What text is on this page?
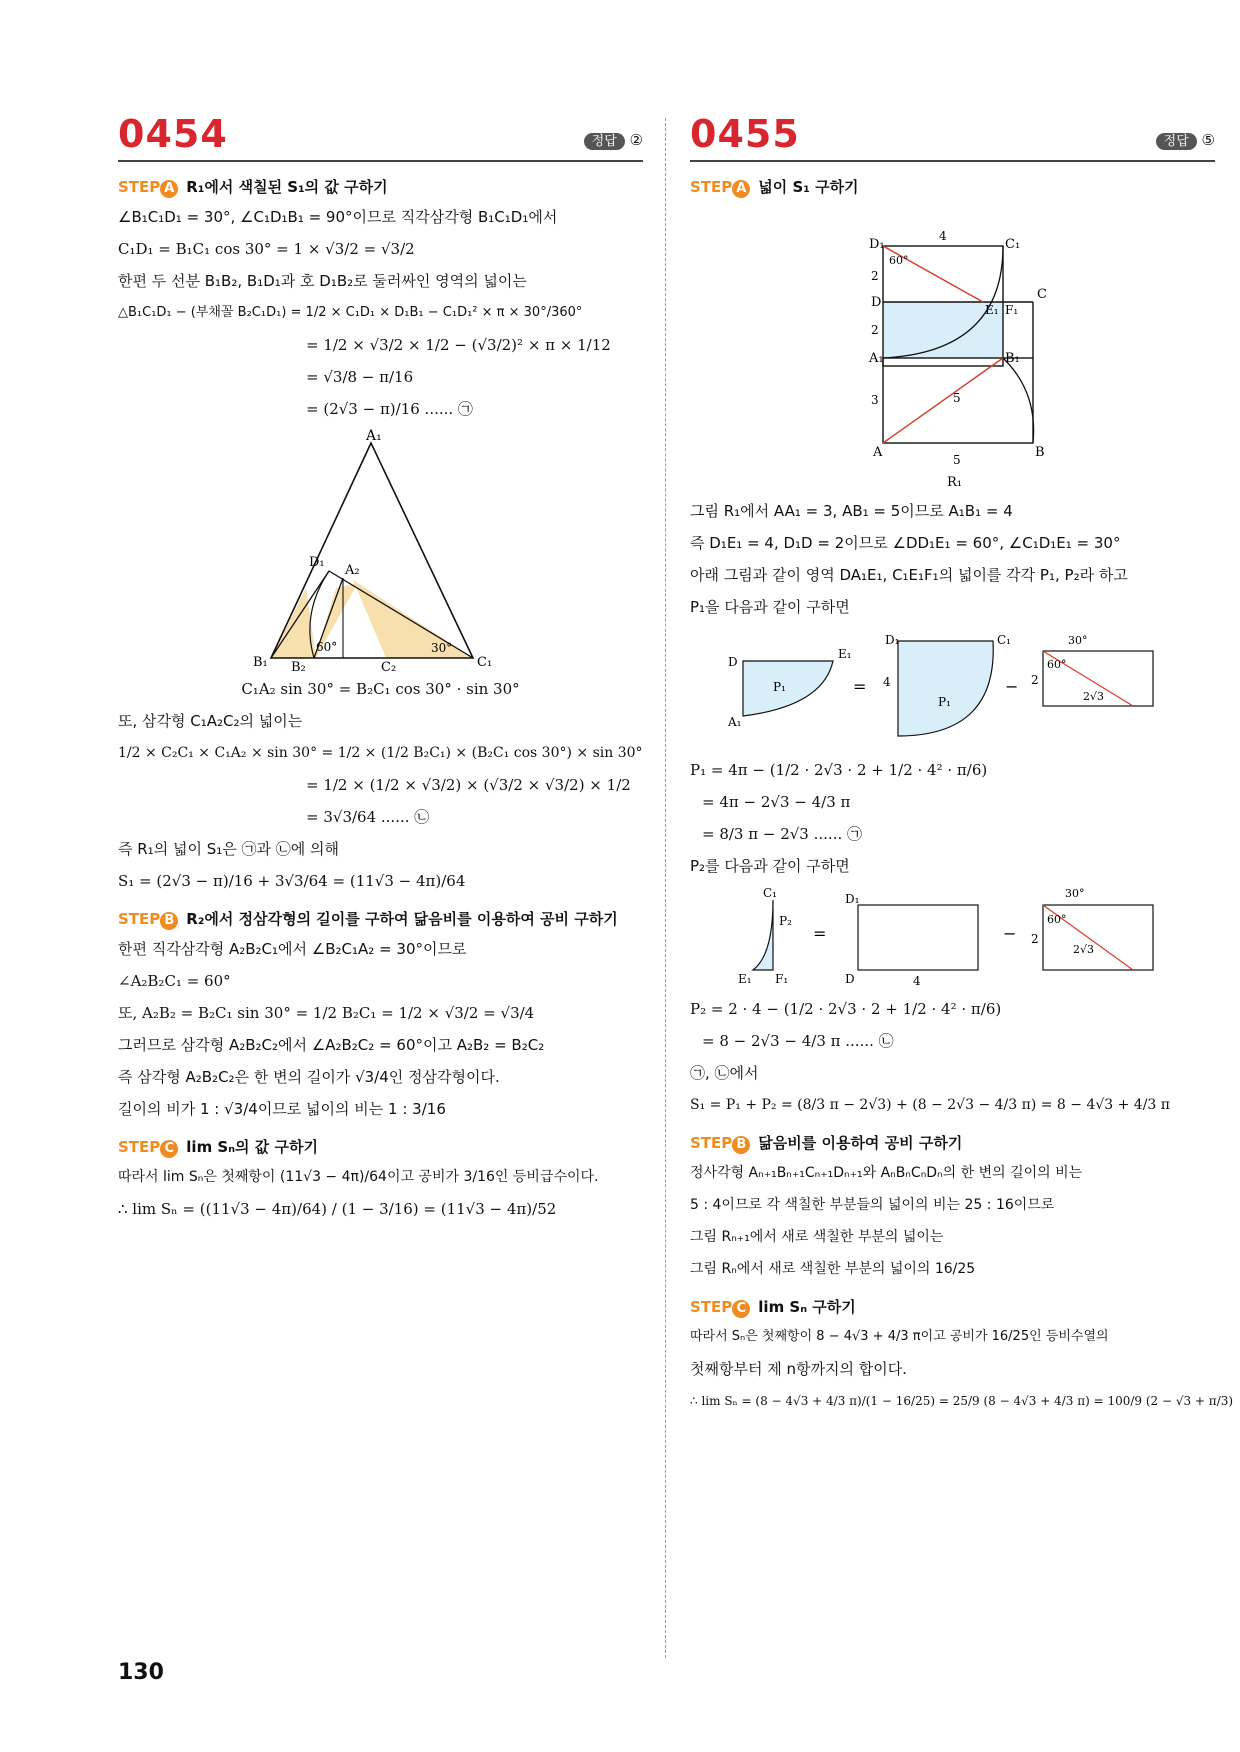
0454	정답 ②
STEP A R₁에서 색칠된 S₁의 값 구하기
∠B₁C₁D₁ = 30°, ∠C₁D₁B₁ = 90°이므로 직각삼각형 B₁C₁D₁에서
C₁D₁ = B₁C₁ cos 30° = 1 × √3/2 = √3/2
한편 두 선분 B₁B₂, B₁D₁과 호 D₁B₂로 둘러싸인 영역의 넓이는
△B₁C₁D₁ − (부채꼴 B₂C₁D₁) = 1/2 × C₁D₁ × D₁B₁ − C₁D₁² × π × 30°/360°
= 1/2 × √3/2 × 1/2 − (√3/2)² × π × 1/12
= √3/8 − π/16
= (2√3 − π)/16 ...... ㉠
A₁
D₁
A₂
B₁ B₂	C₂	C₁
60°	30°
C₁A₂ sin 30° = B₂C₁ cos 30° · sin 30°
또, 삼각형 C₁A₂C₂의 넓이는
1/2 × C₂C₁ × C₁A₂ × sin 30° = 1/2 × (1/2 B₂C₁) × (B₂C₁ cos 30°) × sin 30°
= 1/2 × (1/2 × √3/2) × (√3/2 × √3/2) × 1/2
= 3√3/64 ...... ㉡
즉 R₁의 넓이 S₁은 ㉠과 ㉡에 의해
S₁ = (2√3 − π)/16 + 3√3/64 = (11√3 − 4π)/64
STEP B R₂에서 정삼각형의 길이를 구하여 닮음비를 이용하여 공비 구하기
한편 직각삼각형 A₂B₂C₁에서 ∠B₂C₁A₂ = 30°이므로
∠A₂B₂C₁ = 60°
또, A₂B₂ = B₂C₁ sin 30° = 1/2 B₂C₁ = 1/2 × √3/2 = √3/4
그러므로 삼각형 A₂B₂C₂에서 ∠A₂B₂C₂ = 60°이고 A₂B₂ = B₂C₂
즉 삼각형 A₂B₂C₂은 한 변의 길이가 √3/4인 정삼각형이다.
길이의 비가 1 : √3/4이므로 넓이의 비는 1 : 3/16
STEP C lim Sₙ의 값 구하기
따라서 lim Sₙ은 첫째항이 (11√3 − 4π)/64이고 공비가 3/16인 등비급수이다.
∴ lim Sₙ = ((11√3 − 4π)/64) / (1 − 3/16) = (11√3 − 4π)/52
0455	정답 ⑤
STEP A 넓이 S₁ 구하기
D₁	C₁
D
C
E₁ F₁
A₁	B₁
A	B
4
2
2
3	5
5
60°
R₁
그림 R₁에서 AA₁ = 3, AB₁ = 5이므로 A₁B₁ = 4
즉 D₁E₁ = 4, D₁D = 2이므로 ∠DD₁E₁ = 60°, ∠C₁D₁E₁ = 30°
아래 그림과 같이 영역 DA₁E₁, C₁E₁F₁의 넓이를 각각 P₁, P₂라 하고
P₁을 다음과 같이 구하면
D
E₁
A₁
P₁	=
D₁	C₁
4
P₁
−
30°
60°
2
2√3
P₁ = 4π − (1/2 · 2√3 · 2 + 1/2 · 4² · π/6)
= 4π − 2√3 − 4/3 π
= 8/3 π − 2√3 ...... ㉠
P₂를 다음과 같이 구하면
C₁
P₂
E₁ F₁
=
D₁
D	4
−
30°
60°
2
2√3
P₂ = 2 · 4 − (1/2 · 2√3 · 2 + 1/2 · 4² · π/6)
= 8 − 2√3 − 4/3 π ...... ㉡
㉠, ㉡에서
S₁ = P₁ + P₂ = (8/3 π − 2√3) + (8 − 2√3 − 4/3 π) = 8 − 4√3 + 4/3 π
STEP B 닮음비를 이용하여 공비 구하기
정사각형 Aₙ₊₁Bₙ₊₁Cₙ₊₁Dₙ₊₁와 AₙBₙCₙDₙ의 한 변의 길이의 비는
5 : 4이므로 각 색칠한 부분들의 넓이의 비는 25 : 16이므로
그림 Rₙ₊₁에서 새로 색칠한 부분의 넓이는
그림 Rₙ에서 새로 색칠한 부분의 넓이의 16/25
STEP C lim Sₙ 구하기
따라서 Sₙ은 첫째항이 8 − 4√3 + 4/3 π이고 공비가 16/25인 등비수열의
첫째항부터 제 n항까지의 합이다.
∴ lim Sₙ = (8 − 4√3 + 4/3 π)/(1 − 16/25) = 25/9 (8 − 4√3 + 4/3 π) = 100/9 (2 − √3 + π/3)
130
